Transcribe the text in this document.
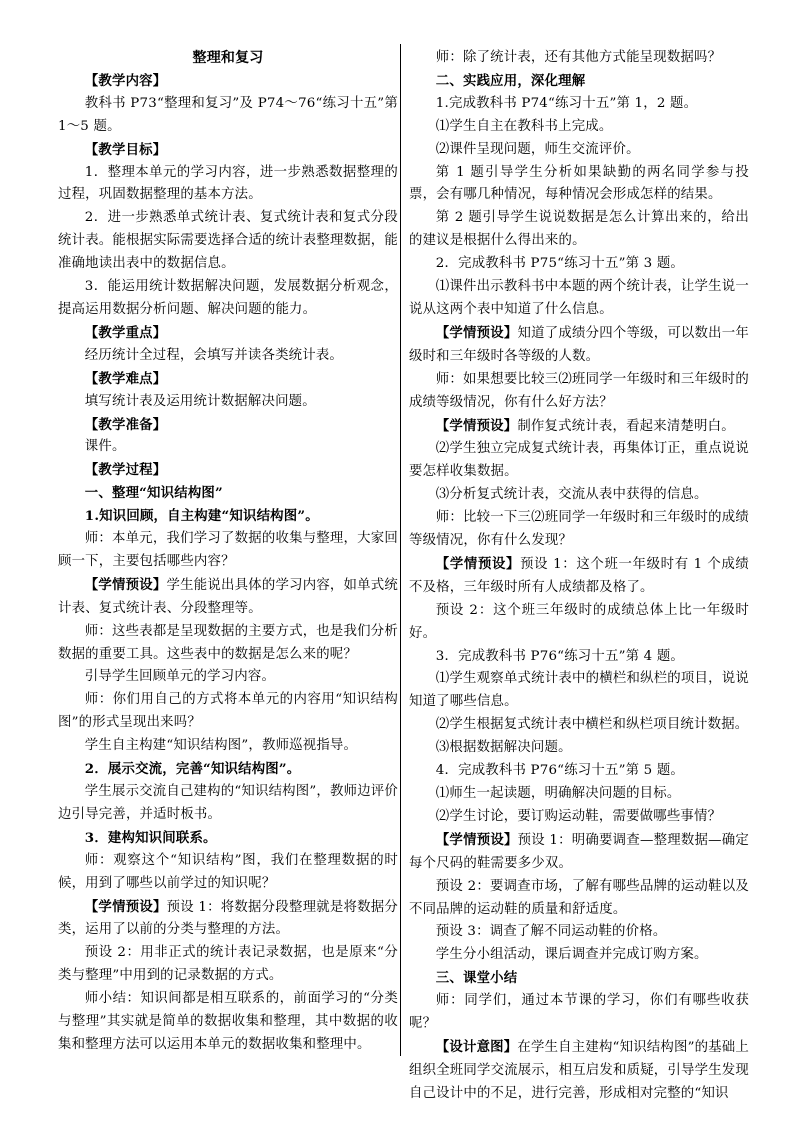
整理和复习

【教学内容】

教科书 P73“整理和复习”及 P74～76“练习十五”第 1～5 题。

【教学目标】

1．整理本单元的学习内容，进一步熟悉数据整理的过程，巩固数据整理的基本方法。

2．进一步熟悉单式统计表、复式统计表和复式分段统计表。能根据实际需要选择合适的统计表整理数据，能准确地读出表中的数据信息。

3．能运用统计数据解决问题，发展数据分析观念，提高运用数据分析问题、解决问题的能力。

【教学重点】

经历统计全过程，会填写并读各类统计表。

【教学难点】

填写统计表及运用统计数据解决问题。

【教学准备】

课件。

【教学过程】

一、整理“知识结构图”

1.知识回顾，自主构建“知识结构图”。

师：本单元，我们学习了数据的收集与整理，大家回顾一下，主要包括哪些内容？

【学情预设】学生能说出具体的学习内容，如单式统计表、复式统计表、分段整理等。

师：这些表都是呈现数据的主要方式，也是我们分析数据的重要工具。这些表中的数据是怎么来的呢？

引导学生回顾单元的学习内容。

师：你们用自己的方式将本单元的内容用“知识结构图”的形式呈现出来吗？

学生自主构建“知识结构图”，教师巡视指导。

2．展示交流，完善“知识结构图”。

学生展示交流自己建构的“知识结构图”，教师边评价边引导完善，并适时板书。

3．建构知识间联系。

师：观察这个“知识结构”图，我们在整理数据的时候，用到了哪些以前学过的知识呢？

【学情预设】预设 1：将数据分段整理就是将数据分类，运用了以前的分类与整理的方法。

预设 2：用非正式的统计表记录数据，也是原来“分类与整理”中用到的记录数据的方式。

师小结：知识间都是相互联系的，前面学习的“分类与整理”其实就是简单的数据收集和整理，其中数据的收集和整理方法可以运用本单元的数据收集和整理中。

师：除了统计表，还有其他方式能呈现数据吗？

二、实践应用，深化理解

1.完成教科书 P74“练习十五”第 1，2 题。

⑴学生自主在教科书上完成。

⑵课件呈现问题，师生交流评价。

第 1 题引导学生分析如果缺勤的两名同学参与投票，会有哪几种情况，每种情况会形成怎样的结果。

第 2 题引导学生说说数据是怎么计算出来的，给出的建议是根据什么得出来的。

2．完成教科书 P75“练习十五”第 3 题。

⑴课件出示教科书中本题的两个统计表，让学生说一说从这两个表中知道了什么信息。

【学情预设】知道了成绩分四个等级，可以数出一年级时和三年级时各等级的人数。

师：如果想要比较三⑵班同学一年级时和三年级时的成绩等级情况，你有什么好方法？

【学情预设】制作复式统计表，看起来清楚明白。

⑵学生独立完成复式统计表，再集体订正，重点说说要怎样收集数据。

⑶分析复式统计表，交流从表中获得的信息。

师：比较一下三⑵班同学一年级时和三年级时的成绩等级情况，你有什么发现？

【学情预设】预设 1：这个班一年级时有 1 个成绩不及格，三年级时所有人成绩都及格了。

预设 2：这个班三年级时的成绩总体上比一年级时好。

3．完成教科书 P76“练习十五”第 4 题。

⑴学生观察单式统计表中的横栏和纵栏的项目，说说知道了哪些信息。

⑵学生根据复式统计表中横栏和纵栏项目统计数据。

⑶根据数据解决问题。

4．完成教科书 P76“练习十五”第 5 题。

⑴师生一起读题，明确解决问题的目标。

⑵学生讨论，要订购运动鞋，需要做哪些事情？

【学情预设】预设 1：明确要调查—整理数据—确定每个尺码的鞋需要多少双。

预设 2：要调查市场，了解有哪些品牌的运动鞋以及不同品牌的运动鞋的质量和舒适度。

预设 3：调查了解不同运动鞋的价格。

学生分小组活动，课后调查并完成订购方案。

三、课堂小结

师：同学们，通过本节课的学习，你们有哪些收获呢？

【设计意图】在学生自主建构“知识结构图”的基础上组织全班同学交流展示，相互启发和质疑，引导学生发现自己设计中的不足，进行完善，形成相对完整的“知识
